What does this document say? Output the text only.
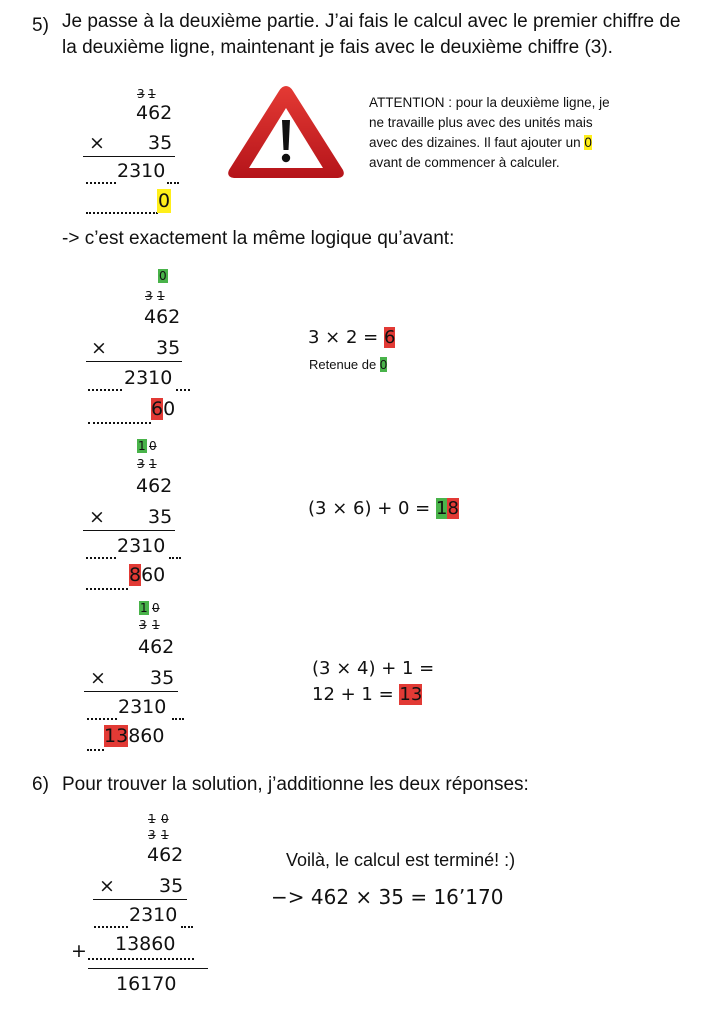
5) Je passe à la deuxième partie. J’ai fais le calcul avec le premier chiffre de
la deuxième ligne, maintenant je fais avec le deuxième chiffre (3).
3 1
462
× 35
2310
0
ATTENTION : pour la deuxième ligne, je
ne travaille plus avec des unités mais
avec des dizaines. Il faut ajouter un 0
avant de commencer à calculer.
-> c’est exactement la même logique qu’avant:
0
3 1
462
×	35
2310
60
3 × 2 = 6
Retenue de 0
1 0
3 1
462
× 35
2310
860
(3 × 6) + 0 = 18
1 0
3 1
462
× 35
2310
13860
(3 × 4) + 1 =
12 + 1 = 13
6) Pour trouver la solution, j’additionne les deux réponses:
1 0
3 1
462
× 35
2310
+ 13860
16170
Voilà, le calcul est terminé! :)
−> 462 × 35 = 16’170
